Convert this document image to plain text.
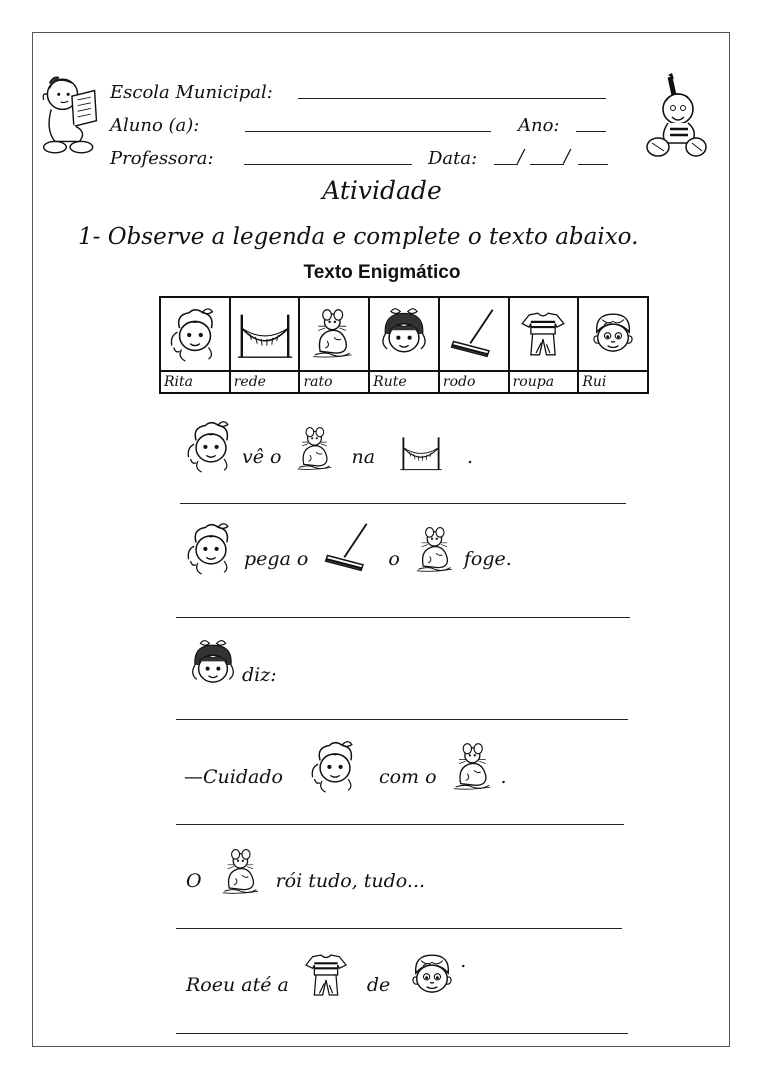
Escola Municipal:
Aluno (a):	Ano:
Professora:	Data: / /
Atividade
1- Observe a legenda e complete o texto abaixo.
Texto Enigmático
Rita	rede	rato	Rute	rodo	roupa	Rui
vê o	na	.
pega o	o	foge.
diz:
—Cuidado	com o	.
O	rói tudo, tudo...
Roeu até a	de
.
